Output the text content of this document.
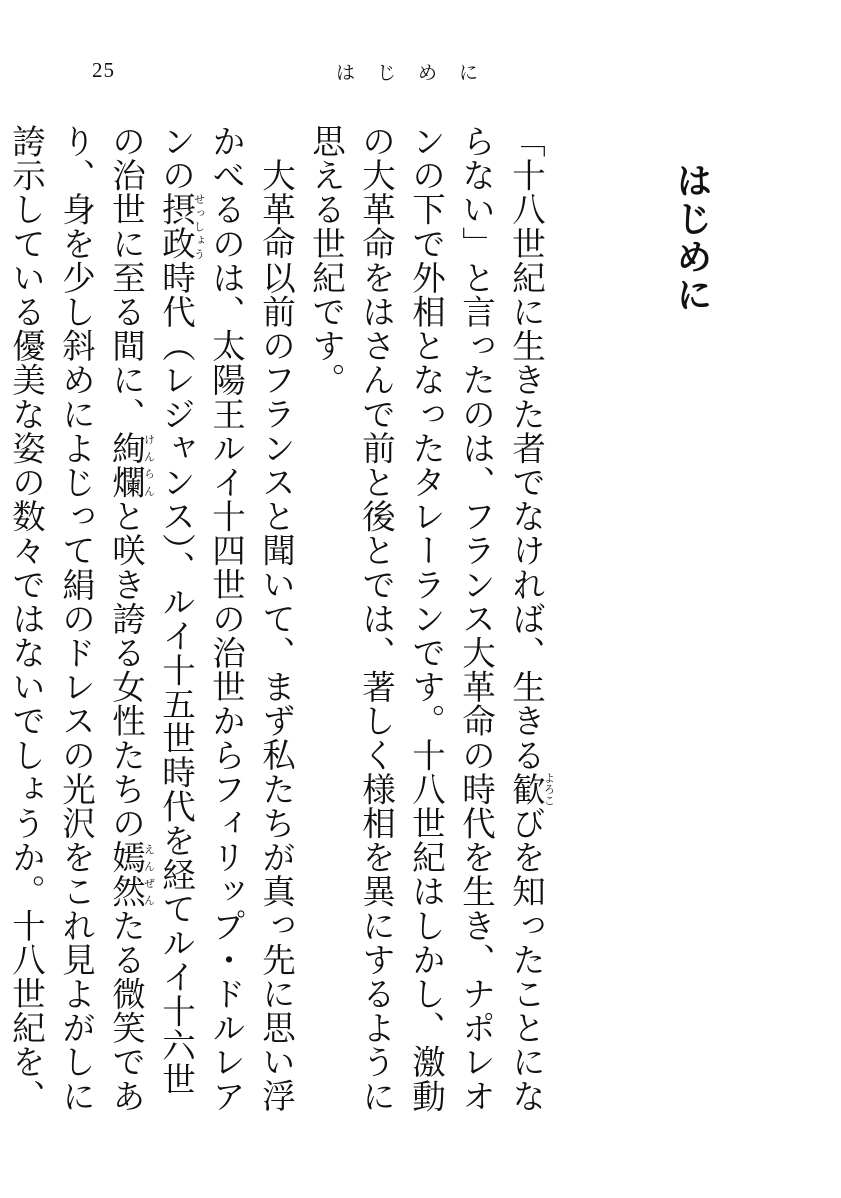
25	はじめに
はじめに

「十八世紀に生きた者でなければ、生きる歓よろこびを知ったことにならない」と言ったのは、フランス大革命の時代を生き、ナポレオンの下で外相となったタレーランです。十八世紀はしかし、激動の大革命をはさんで前と後とでは、著しく様相を異にするように思える世紀です。

大革命以前のフランスと聞いて、まず私たちが真っ先に思い浮かべるのは、太陽王ルイ十四世の治世からフィリップ・ドルレアンの摂政せっしょう時代（レジャンス）、ルイ十五世時代を経てルイ十六世の治世に至る間に、絢爛けんらんと咲き誇る女性たちの嫣然えんぜんたる微笑であり、身を少し斜めによじって絹のドレスの光沢をこれ見よがしに誇示している優美な姿の数々ではないでしょうか。十八世紀を、
